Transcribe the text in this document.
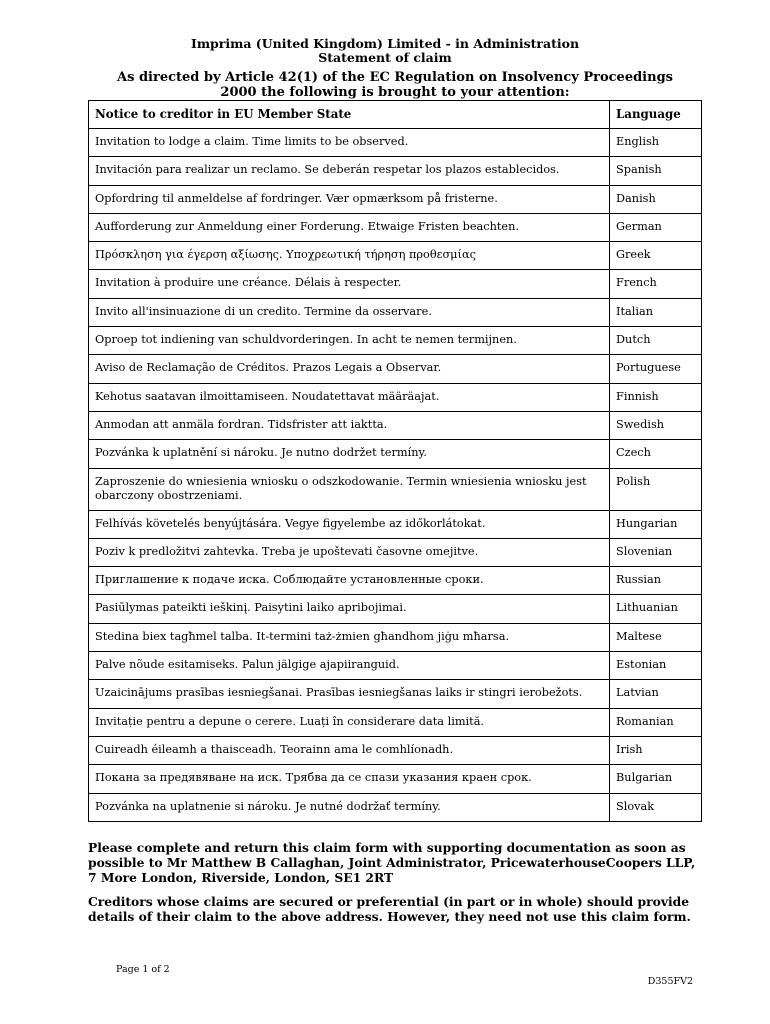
Imprima (United Kingdom) Limited - in Administration
Statement of claim
As directed by Article 42(1) of the EC Regulation on Insolvency Proceedings 2000 the following is brought to your attention:
Notice to creditor in EU Member State	Language
Invitation to lodge a claim. Time limits to be observed.	English
Invitación para realizar un reclamo. Se deberán respetar los plazos establecidos.	Spanish
Opfordring til anmeldelse af fordringer. Vær opmærksom på fristerne.	Danish
Aufforderung zur Anmeldung einer Forderung. Etwaige Fristen beachten.	German
Πρόσκληση για έγερση αξίωσης. Υποχρεωτική τήρηση προθεσμίας	Greek
Invitation à produire une créance. Délais à respecter.	French
Invito all'insinuazione di un credito. Termine da osservare.	Italian
Oproep tot indiening van schuldvorderingen. In acht te nemen termijnen.	Dutch
Aviso de Reclamação de Créditos. Prazos Legais a Observar.	Portuguese
Kehotus saatavan ilmoittamiseen. Noudatettavat määräajat.	Finnish
Anmodan att anmäla fordran. Tidsfrister att iaktta.	Swedish
Pozvánka k uplatnění si nároku. Je nutno dodržet termíny.	Czech
Zaproszenie do wniesienia wniosku o odszkodowanie. Termin wniesienia wniosku jest obarczony obostrzeniami.	Polish
Felhívás követelés benyújtására. Vegye figyelembe az időkorlátokat.	Hungarian
Poziv k predložitvi zahtevka. Treba je upoštevati časovne omejitve.	Slovenian
Приглашение к подаче иска. Соблюдайте установленные сроки.	Russian
Pasiūlymas pateikti ieškinį. Paisytini laiko apribojimai.	Lithuanian
Stedina biex tagħmel talba. It-termini taż-żmien għandhom jiġu mħarsa.	Maltese
Palve nõude esitamiseks. Palun jälgige ajapiiranguid.	Estonian
Uzaicinājums prasības iesniegšanai. Prasības iesniegšanas laiks ir stingri ierobežots.	Latvian
Invitație pentru a depune o cerere. Luați în considerare data limită.	Romanian
Cuireadh éileamh a thaisceadh. Teorainn ama le comhlíonadh.	Irish
Покана за предявяване на иск. Трябва да се спази указания краен срок.	Bulgarian
Pozvánka na uplatnenie si nároku. Je nutné dodržať termíny.	Slovak
Please complete and return this claim form with supporting documentation as soon as possible to Mr Matthew B Callaghan, Joint Administrator, PricewaterhouseCoopers LLP, 7 More London, Riverside, London, SE1 2RT
Creditors whose claims are secured or preferential (in part or in whole) should provide details of their claim to the above address. However, they need not use this claim form.
Page 1 of 2
D355FV2
